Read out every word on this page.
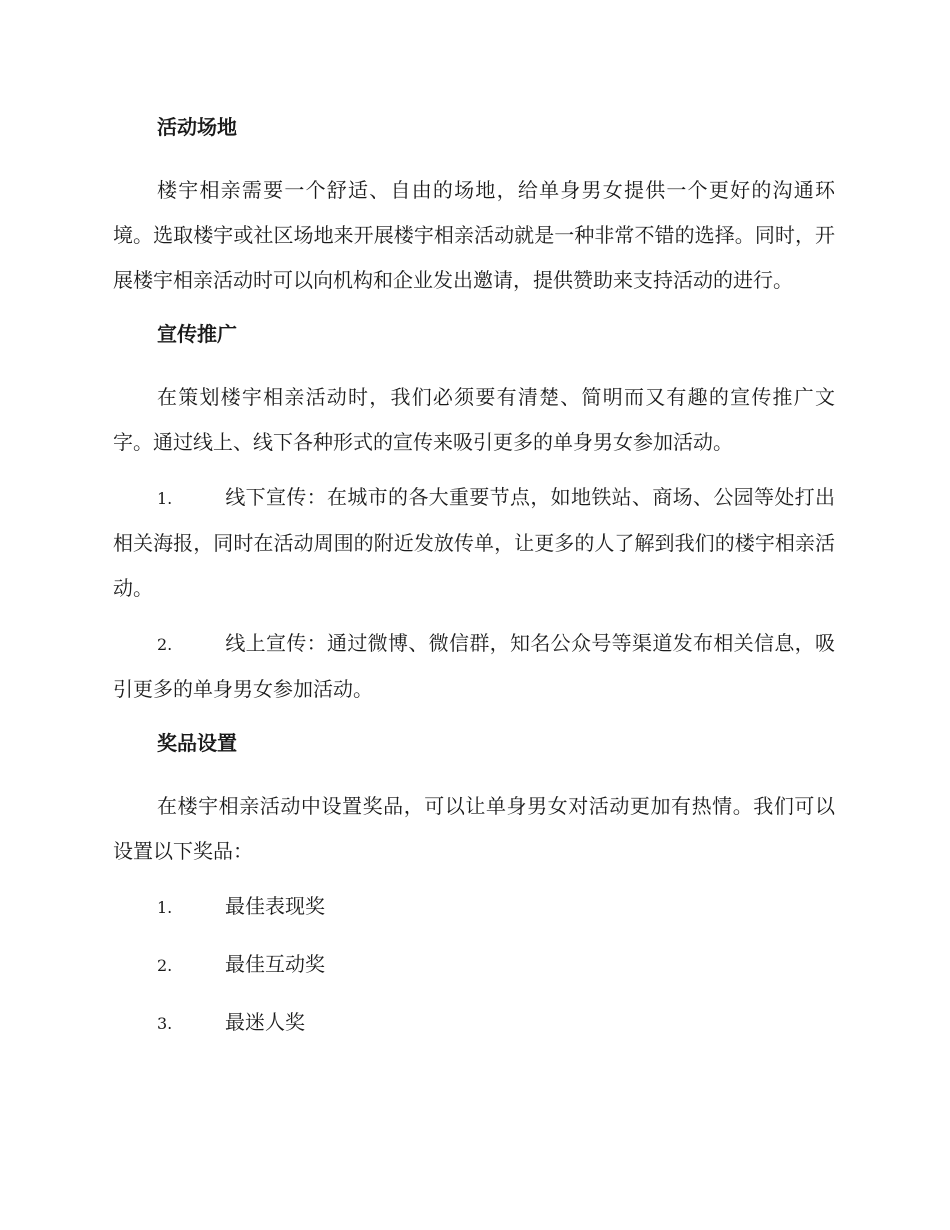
活动场地

楼宇相亲需要一个舒适、自由的场地，给单身男女提供一个更好的沟通环境。选取楼宇或社区场地来开展楼宇相亲活动就是一种非常不错的选择。同时，开展楼宇相亲活动时可以向机构和企业发出邀请，提供赞助来支持活动的进行。

宣传推广

在策划楼宇相亲活动时，我们必须要有清楚、简明而又有趣的宣传推广文字。通过线上、线下各种形式的宣传来吸引更多的单身男女参加活动。

1.	线下宣传：在城市的各大重要节点，如地铁站、商场、公园等处打出相关海报，同时在活动周围的附近发放传单，让更多的人了解到我们的楼宇相亲活动。
2.	线上宣传：通过微博、微信群，知名公众号等渠道发布相关信息，吸引更多的单身男女参加活动。
奖品设置

在楼宇相亲活动中设置奖品，可以让单身男女对活动更加有热情。我们可以设置以下奖品：

1.	最佳表现奖
2.	最佳互动奖
3.	最迷人奖
